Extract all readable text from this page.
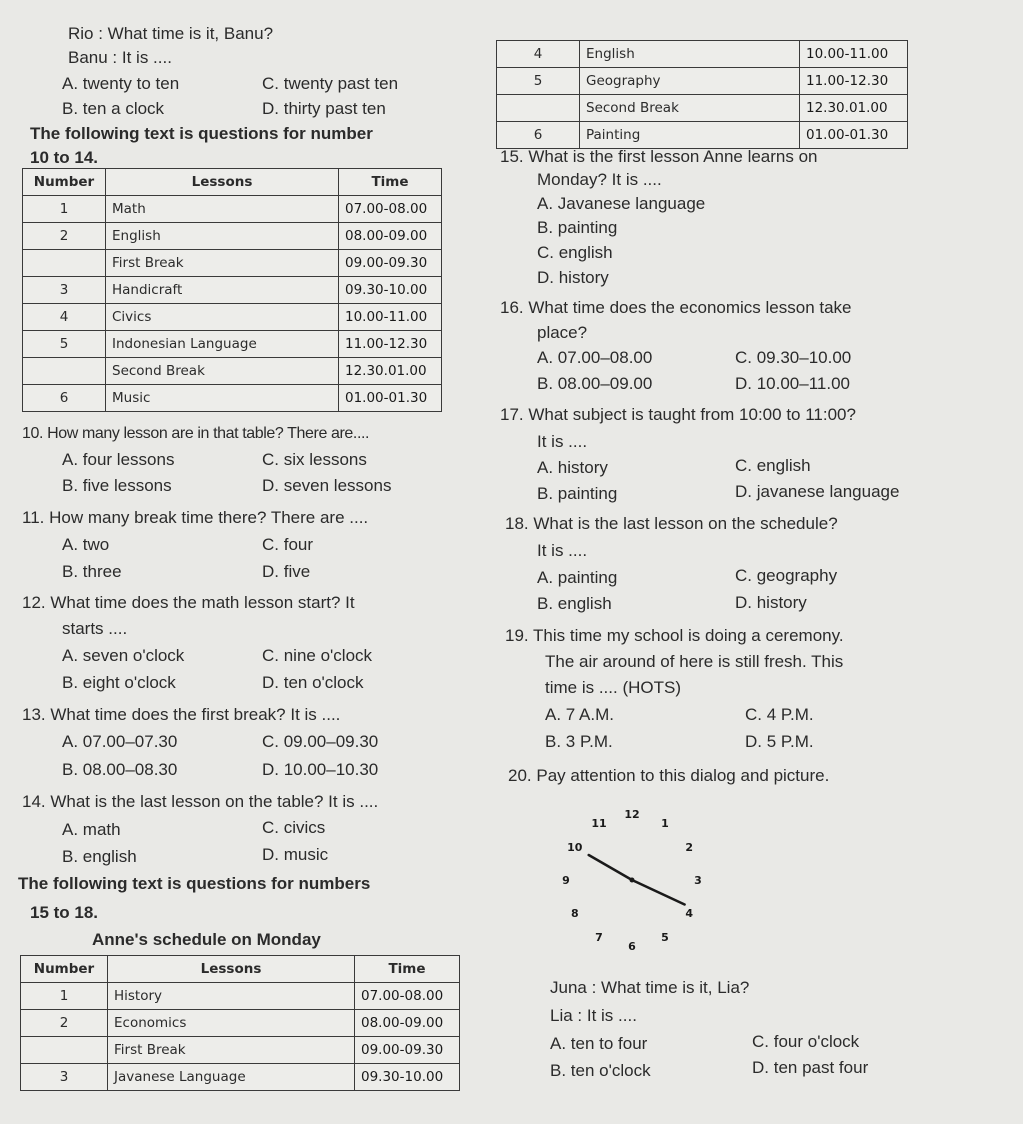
Rio : What time is it, Banu?
Banu : It is ....
A. twenty to ten	C. twenty past ten
B. ten a clock	D. thirty past ten
The following text is questions for number
10 to 14.
4	English	10.00-11.00
5	Geography	11.00-12.30
	Second Break	12.30.01.00
6	Painting	01.00-01.30
Number	Lessons	Time
1	Math	07.00-08.00
2	English	08.00-09.00
	First Break	09.00-09.30
3	Handicraft	09.30-10.00
4	Civics	10.00-11.00
5	Indonesian Language	11.00-12.30
	Second Break	12.30.01.00
6	Music	01.00-01.30
10. How many lesson are in that table? There are....
A. four lessons	C. six lessons
B. five lessons	D. seven lessons
11. How many break time there? There are ....
A. two	C. four
B. three	D. five
12. What time does the math lesson start? It
starts ....
A. seven o'clock	C. nine o'clock
B. eight o'clock	D. ten o'clock
13. What time does the first break? It is ....
A. 07.00–07.30	C. 09.00–09.30
B. 08.00–08.30	D. 10.00–10.30
14. What is the last lesson on the table? It is ....
A. math	C. civics
B. english	D. music
The following text is questions for numbers
15 to 18.
Anne's schedule on Monday
Number	Lessons	Time
1	History	07.00-08.00
2	Economics	08.00-09.00
	First Break	09.00-09.30
3	Javanese Language	09.30-10.00
15. What is the first lesson Anne learns on
Monday? It is ....
A. Javanese language
B. painting
C. english
D. history
16. What time does the economics lesson take
place?
A. 07.00–08.00	C. 09.30–10.00
B. 08.00–09.00	D. 10.00–11.00
17. What subject is taught from 10:00 to 11:00?
It is ....
A. history	C. english
B. painting	D. javanese language
18. What is the last lesson on the schedule?
It is ....
A. painting	C. geography
B. english	D. history
19. This time my school is doing a ceremony.
The air around of here is still fresh. This
time is .... (HOTS)
A. 7 A.M.	C. 4 P.M.
B. 3 P.M.	D. 5 P.M.
20. Pay attention to this dialog and picture.
12
1
2
3
4
5
6
7
8
9
10
11
Juna : What time is it, Lia?
Lia : It is ....
A. ten to four	C. four o'clock
B. ten o'clock	D. ten past four
